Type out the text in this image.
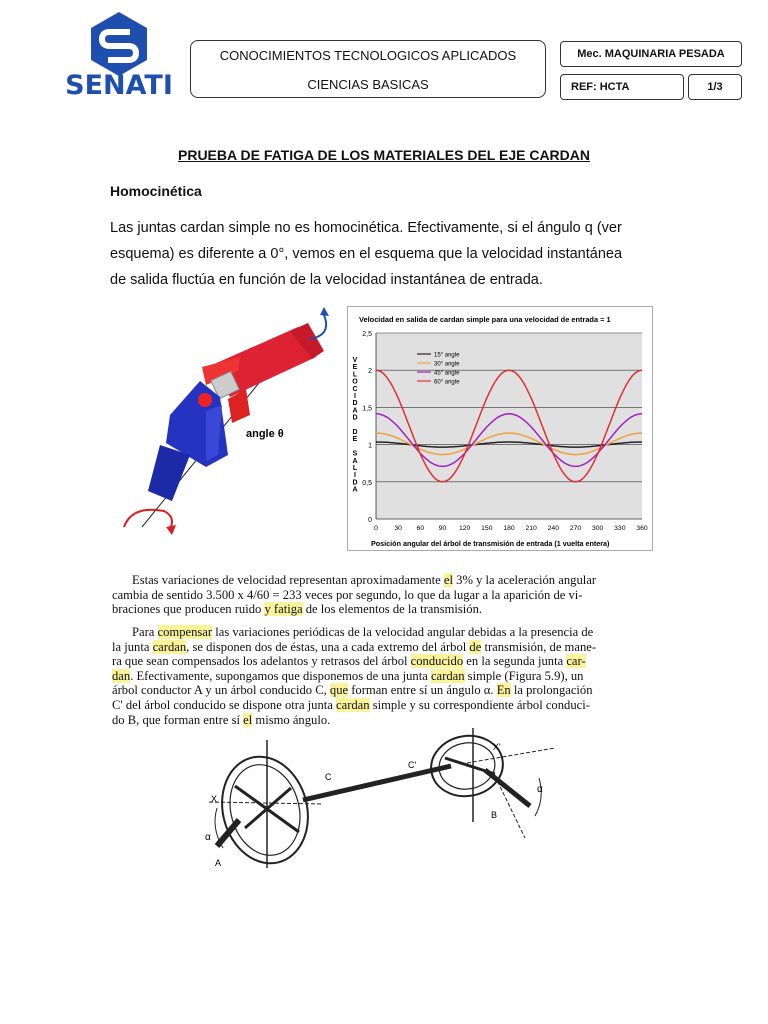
SENATI
CONOCIMIENTOS TECNOLOGICOS APLICADOS
CIENCIAS BASICAS
Mec. MAQUINARIA PESADA
REF: HCTA	1/3
PRUEBA DE FATIGA DE LOS MATERIALES DEL EJE CARDAN
Homocinética
Las juntas cardan simple no es homocinética. Efectivamente, si el ángulo q (ver
esquema) es diferente a 0°, vemos en el esquema que la velocidad instantánea
de salida fluctúa en función de la velocidad instantánea de entrada.
angle θ
Velocidad en salida de cardan simple para una velocidad de entrada = 1
0
0,5
1
1,5
2
2,5
0 30 60 90 120 150 180 210 240 270 300 330 360
15° angle
30° angle
45° angle
60° angle
V
E
L
O
C
I
D
A
D
D
E
S
A
L
I
D
A
Posición angular del árbol de transmisión de entrada (1 vuelta entera)
Estas variaciones de velocidad representan aproximadamente el 3% y la aceleración angular
cambia de sentido 3.500 x 4/60 = 233 veces por segundo, lo que da lugar a la aparición de vi-
braciones que producen ruido y fatiga de los elementos de la transmisión.
Para compensar las variaciones periódicas de la velocidad angular debidas a la presencia de
la junta cardan, se disponen dos de éstas, una a cada extremo del árbol de transmisión, de mane-
ra que sean compensados los adelantos y retrasos del árbol conducido en la segunda junta car-
dan. Efectivamente, supongamos que disponemos de una junta cardan simple (Figura 5.9), un
árbol conductor A y un árbol conducido C, que forman entre sí un ángulo α. En la prolongación
C' del árbol conducido se dispone otra junta cardan simple y su correspondiente árbol conduci-
do B, que forman entre sí el mismo ángulo.
X
α
A
C
C'
X'
B
α
